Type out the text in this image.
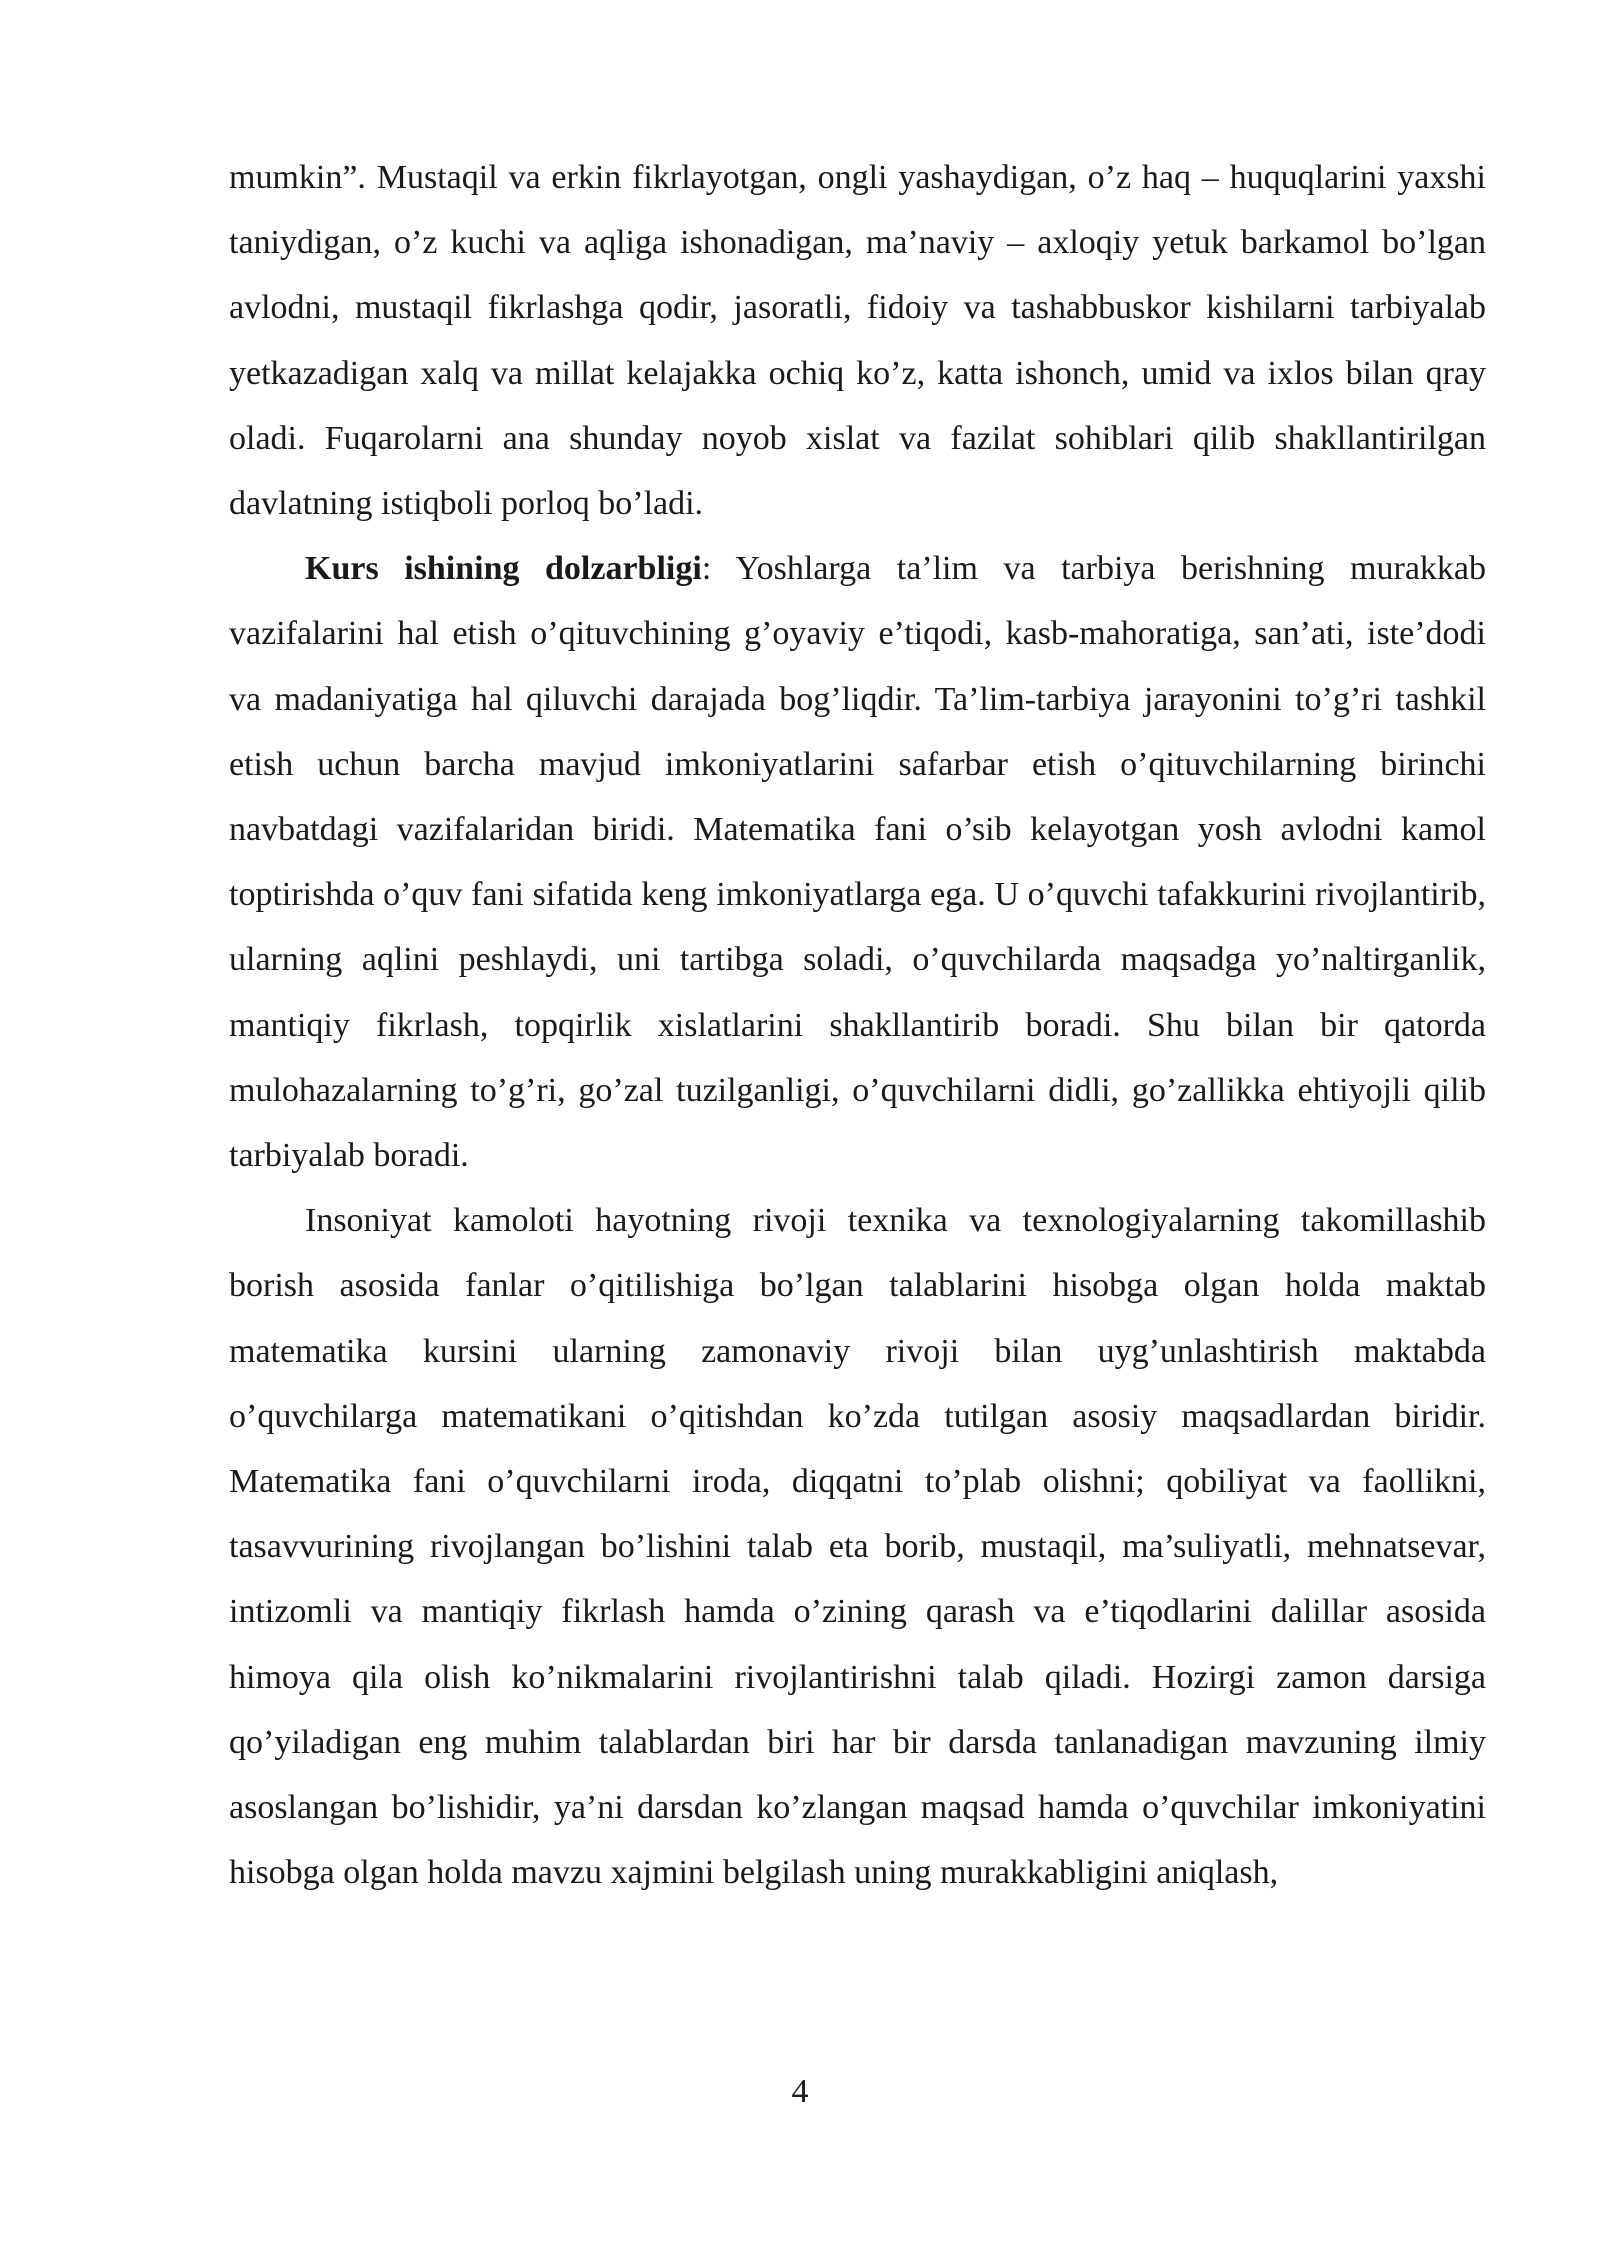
mumkin”. Mustaqil va erkin fikrlayotgan, ongli yashaydigan, o’z haq – huquqlarini yaxshi taniydigan, o’z kuchi va aqliga ishonadigan, ma’naviy – axloqiy yetuk barkamol bo’lgan avlodni, mustaqil fikrlashga qodir, jasoratli, fidoiy va tashabbuskor kishilarni tarbiyalab yetkazadigan xalq va millat kelajakka ochiq ko’z, katta ishonch, umid va ixlos bilan qray oladi. Fuqarolarni ana shunday noyob xislat va fazilat sohiblari qilib shakllantirilgan davlatning istiqboli porloq bo’ladi.

Kurs ishining dolzarbligi: Yoshlarga ta’lim va tarbiya berishning murakkab vazifalarini hal etish o’qituvchining g’oyaviy e’tiqodi, kasb-mahoratiga, san’ati, iste’dodi va madaniyatiga hal qiluvchi darajada bog’liqdir. Ta’lim-tarbiya jarayonini to’g’ri tashkil etish uchun barcha mavjud imkoniyatlarini safarbar etish o’qituvchilarning birinchi navbatdagi vazifalaridan biridi. Matematika fani o’sib kelayotgan yosh avlodni kamol toptirishda o’quv fani sifatida keng imkoniyatlarga ega. U o’quvchi tafakkurini rivojlantirib, ularning aqlini peshlaydi, uni tartibga soladi, o’quvchilarda maqsadga yo’naltirganlik, mantiqiy fikrlash, topqirlik xislatlarini shakllantirib boradi. Shu bilan bir qatorda mulohazalarning to’g’ri, go’zal tuzilganligi, o’quvchilarni didli, go’zallikka ehtiyojli qilib tarbiyalab boradi.

Insoniyat kamoloti hayotning rivoji texnika va texnologiyalarning takomillashib borish asosida fanlar o’qitilishiga bo’lgan talablarini hisobga olgan holda maktab matematika kursini ularning zamonaviy rivoji bilan uyg’unlashtirish maktabda o’quvchilarga matematikani o’qitishdan ko’zda tutilgan asosiy maqsadlardan biridir. Matematika fani o’quvchilarni iroda, diqqatni to’plab olishni; qobiliyat va faollikni, tasavvurining rivojlangan bo’lishini talab eta borib, mustaqil, ma’suliyatli, mehnatsevar, intizomli va mantiqiy fikrlash hamda o’zining qarash va e’tiqodlarini dalillar asosida himoya qila olish ko’nikmalarini rivojlantirishni talab qiladi. Hozirgi zamon darsiga qo’yiladigan eng muhim talablardan biri har bir darsda tanlanadigan mavzuning ilmiy asoslangan bo’lishidir, ya’ni darsdan ko’zlangan maqsad hamda o’quvchilar imkoniyatini hisobga olgan holda mavzu xajmini belgilash uning murakkabligini aniqlash,

4
